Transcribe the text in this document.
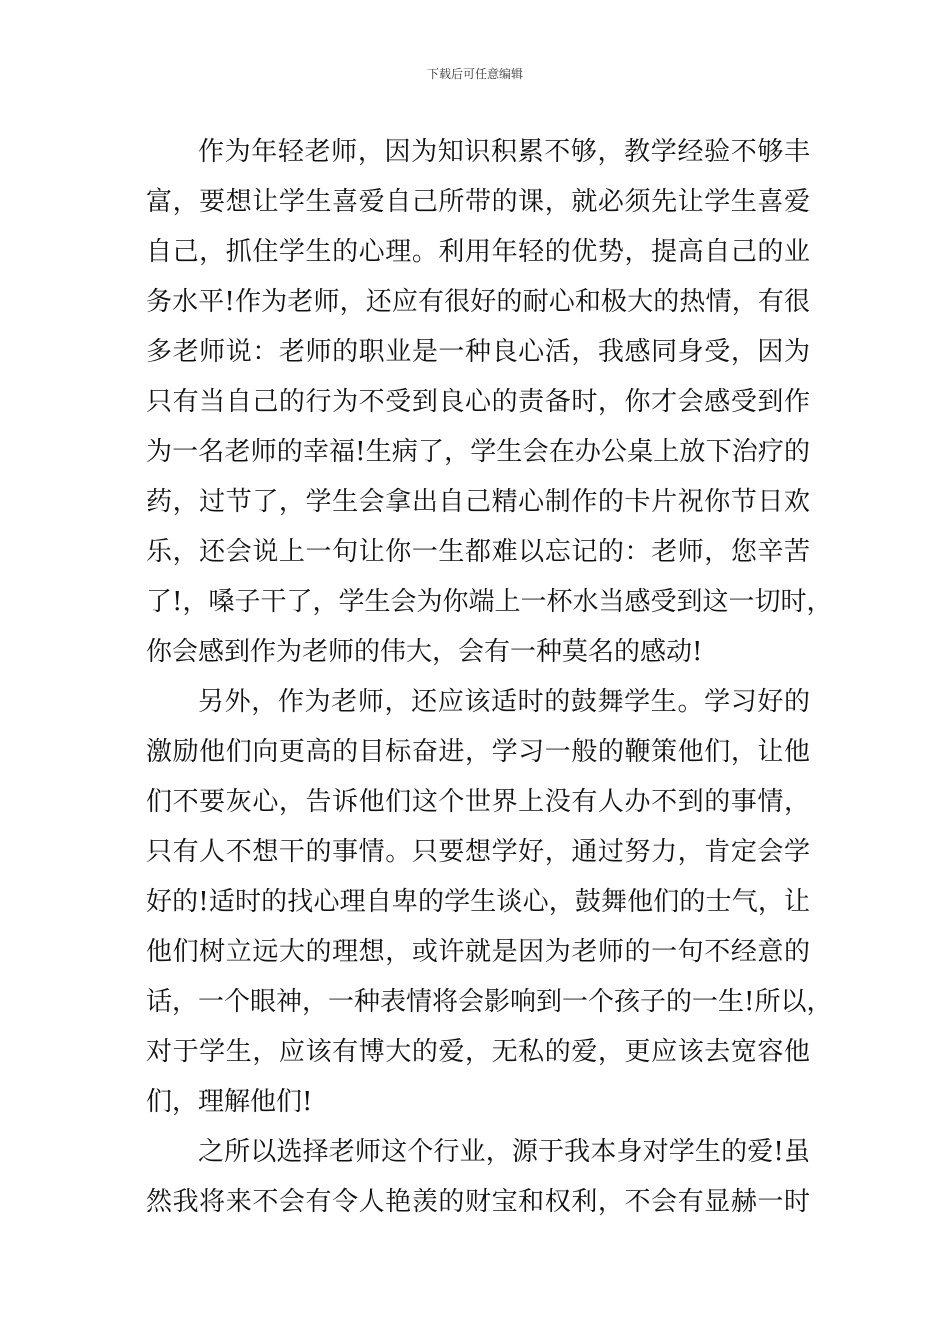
下载后可任意编辑
作为年轻老师，因为知识积累不够，教学经验不够丰
富，要想让学生喜爱自己所带的课，就必须先让学生喜爱
自己，抓住学生的心理。利用年轻的优势，提高自己的业
务水平!作为老师，还应有很好的耐心和极大的热情，有很
多老师说：老师的职业是一种良心活，我感同身受，因为
只有当自己的行为不受到良心的责备时，你才会感受到作
为一名老师的幸福!生病了，学生会在办公桌上放下治疗的
药，过节了，学生会拿出自己精心制作的卡片祝你节日欢
乐，还会说上一句让你一生都难以忘记的：老师，您辛苦
了!，嗓子干了，学生会为你端上一杯水当感受到这一切时，
你会感到作为老师的伟大，会有一种莫名的感动!
另外，作为老师，还应该适时的鼓舞学生。学习好的
激励他们向更高的目标奋进，学习一般的鞭策他们，让他
们不要灰心，告诉他们这个世界上没有人办不到的事情，
只有人不想干的事情。只要想学好，通过努力，肯定会学
好的!适时的找心理自卑的学生谈心，鼓舞他们的士气，让
他们树立远大的理想，或许就是因为老师的一句不经意的
话，一个眼神，一种表情将会影响到一个孩子的一生!所以，
对于学生，应该有博大的爱，无私的爱，更应该去宽容他
们，理解他们!
之所以选择老师这个行业，源于我本身对学生的爱!虽
然我将来不会有令人艳羡的财宝和权利，不会有显赫一时
